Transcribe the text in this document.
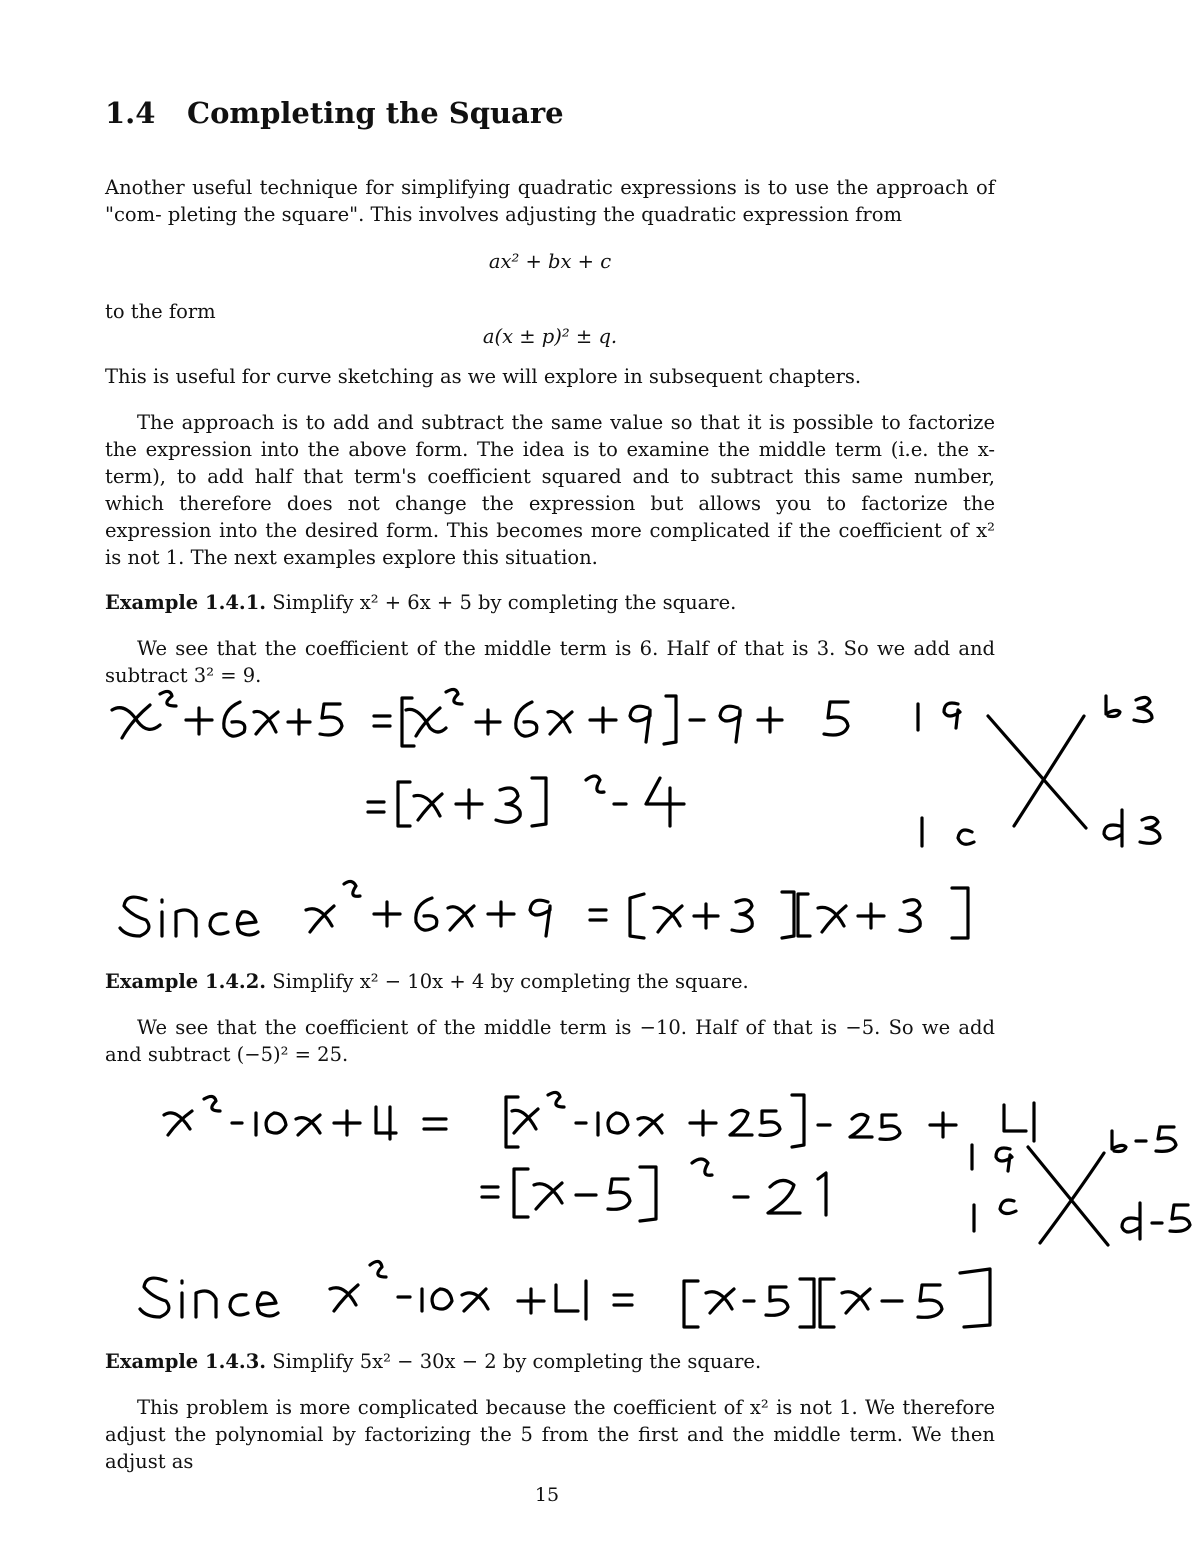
1.4 Completing the Square
Another useful technique for simplifying quadratic expressions is to use the approach of "com- pleting the square". This involves adjusting the quadratic expression from
ax² + bx + c
to the form
a(x ± p)² ± q.
This is useful for curve sketching as we will explore in subsequent chapters.
The approach is to add and subtract the same value so that it is possible to factorize the expression into the above form. The idea is to examine the middle term (i.e. the x-term), to add half that term's coefficient squared and to subtract this same number, which therefore does not change the expression but allows you to factorize the expression into the desired form. This becomes more complicated if the coefficient of x² is not 1. The next examples explore this situation.
Example 1.4.1. Simplify x² + 6x + 5 by completing the square.
We see that the coefficient of the middle term is 6. Half of that is 3. So we add and subtract 3² = 9.
Example 1.4.2. Simplify x² − 10x + 4 by completing the square.
We see that the coefficient of the middle term is −10. Half of that is −5. So we add and subtract (−5)² = 25.
Example 1.4.3. Simplify 5x² − 30x − 2 by completing the square.
This problem is more complicated because the coefficient of x² is not 1. We therefore adjust the polynomial by factorizing the 5 from the first and the middle term. We then adjust as
15
